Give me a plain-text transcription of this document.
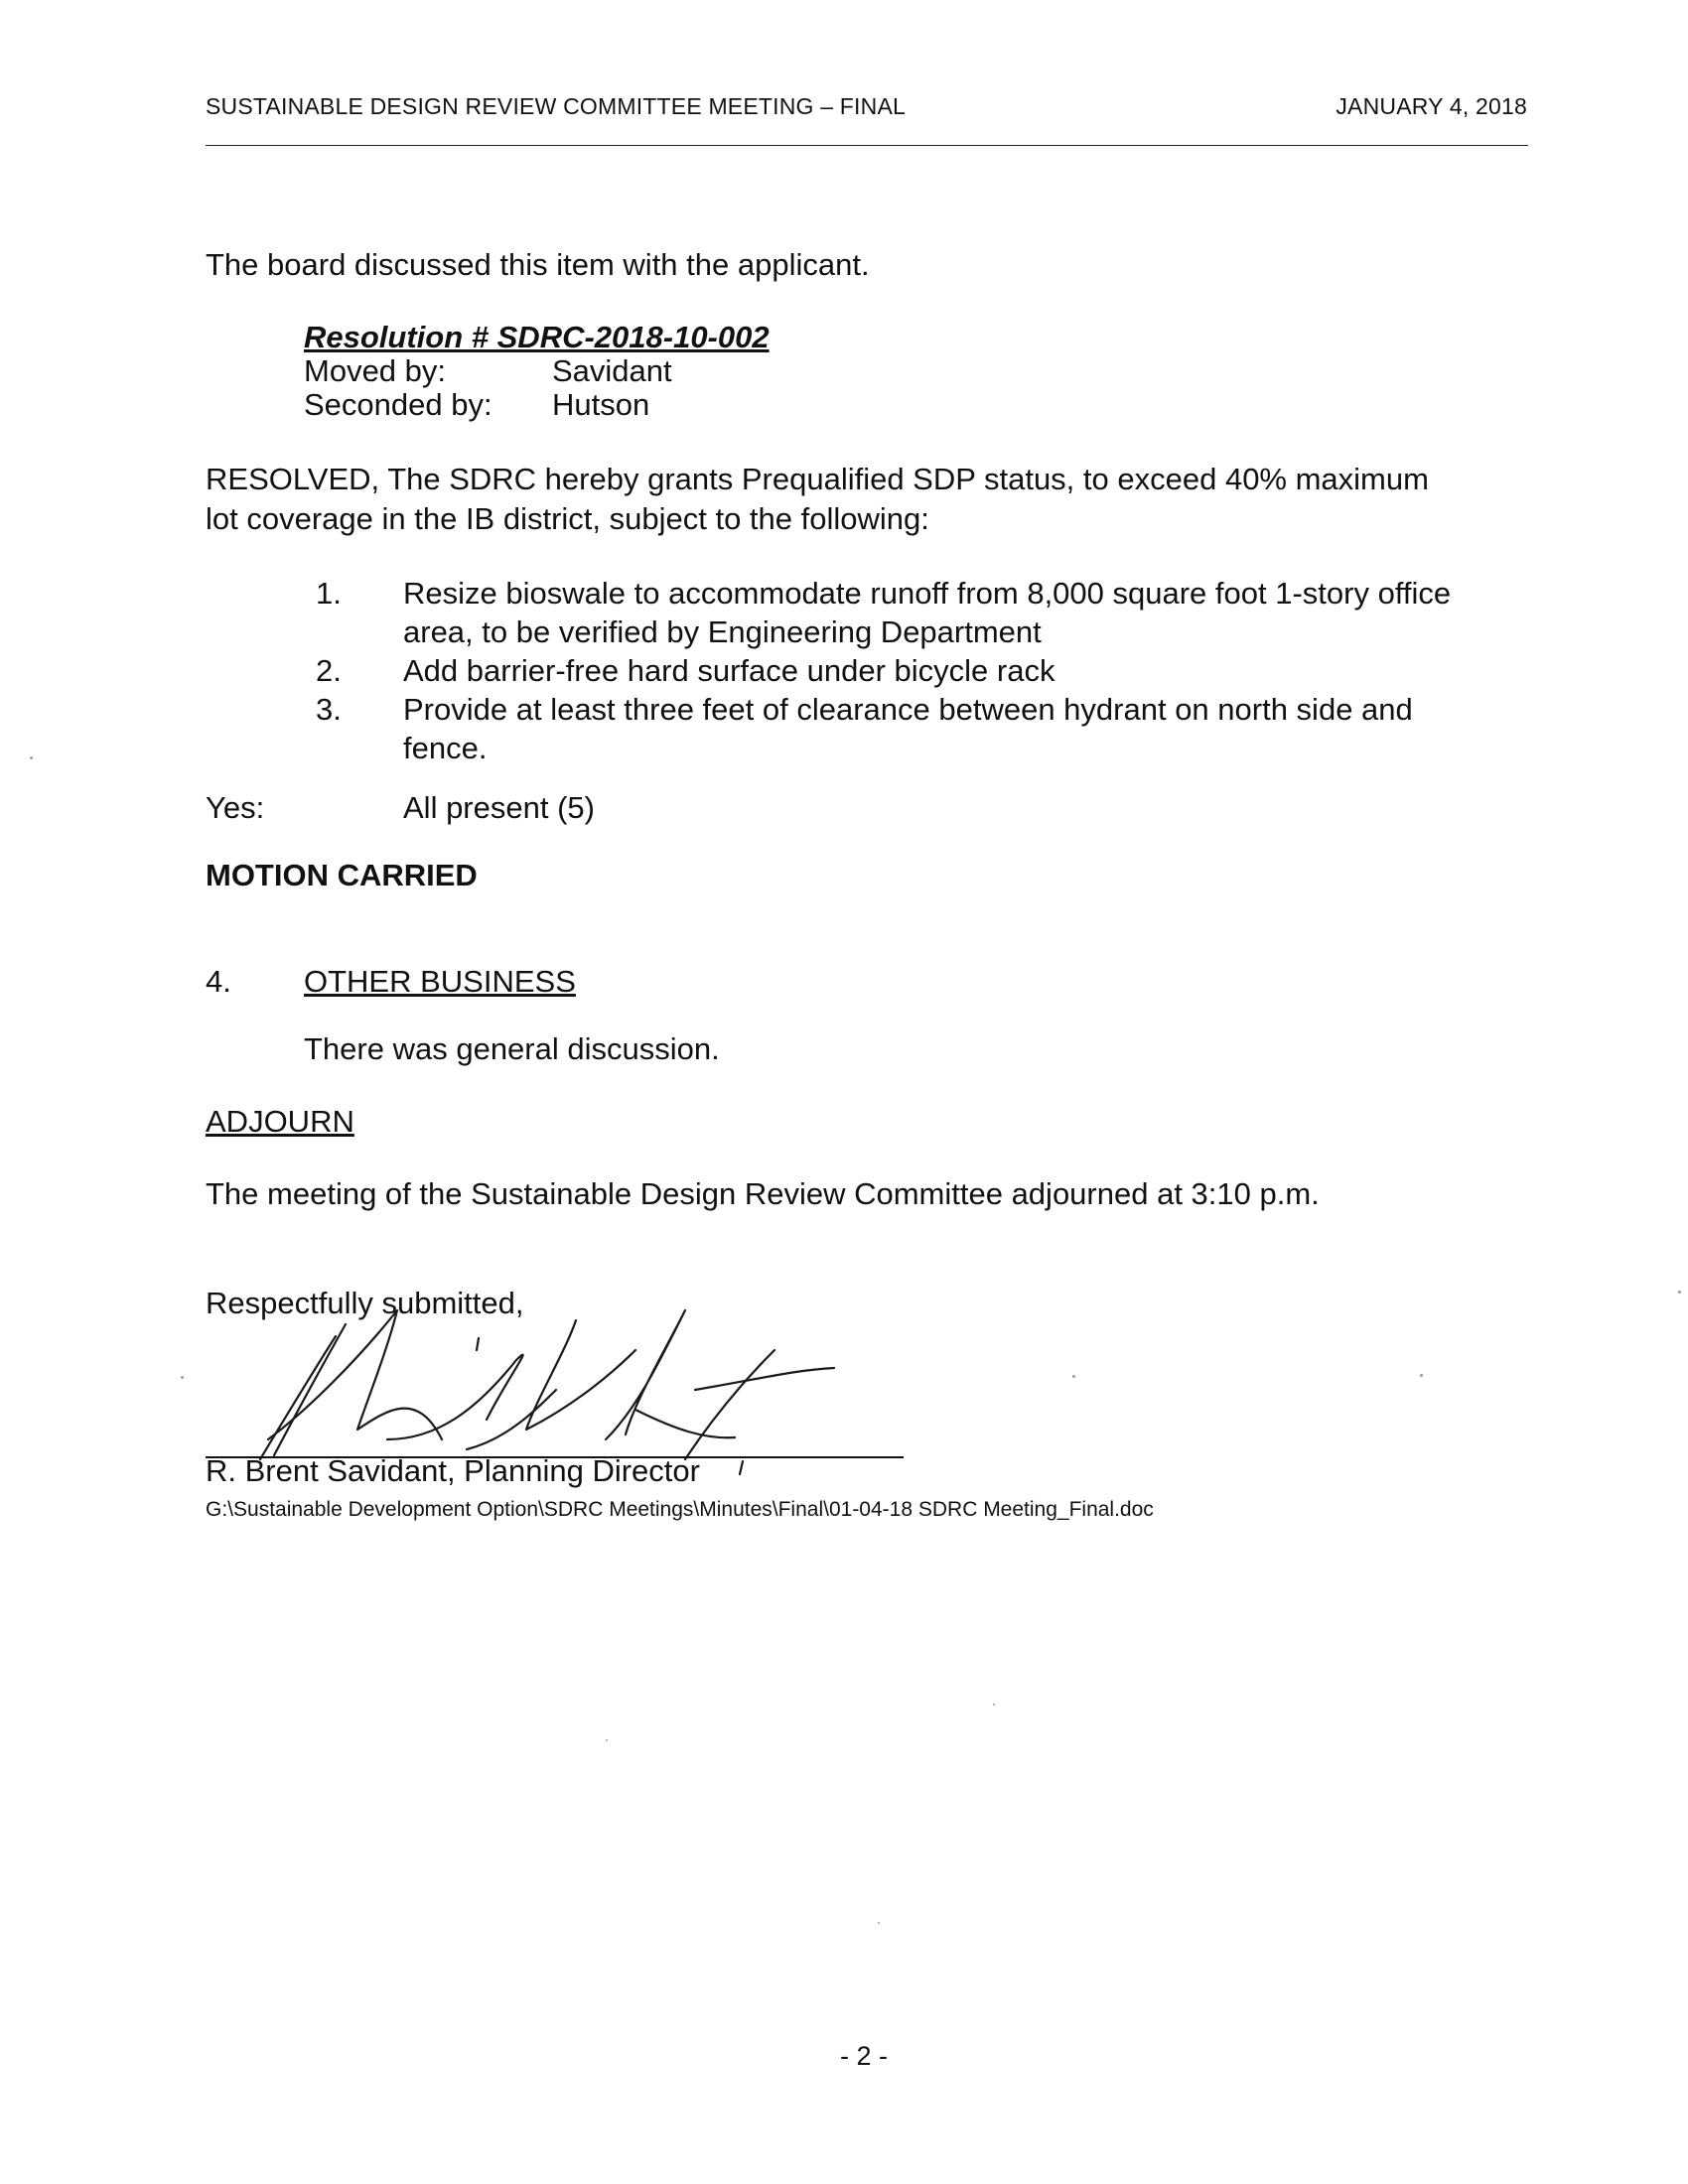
SUSTAINABLE DESIGN REVIEW COMMITTEE MEETING – FINAL	JANUARY 4, 2018
The board discussed this item with the applicant.
Resolution # SDRC-2018-10-002
Moved by:	Savidant
Seconded by: Hutson
RESOLVED, The SDRC hereby grants Prequalified SDP status, to exceed 40% maximum
lot coverage in the IB district, subject to the following:
1. Resize bioswale to accommodate runoff from 8,000 square foot 1-story office
area, to be verified by Engineering Department
2. Add barrier-free hard surface under bicycle rack
3. Provide at least three feet of clearance between hydrant on north side and
fence.
Yes:	All present (5)
MOTION CARRIED
4. OTHER BUSINESS
There was general discussion.
ADJOURN
The meeting of the Sustainable Design Review Committee adjourned at 3:10 p.m.
Respectfully submitted,
R. Brent Savidant, Planning Director
G:\Sustainable Development Option\SDRC Meetings\Minutes\Final\01-04-18 SDRC Meeting_Final.doc
- 2 -
